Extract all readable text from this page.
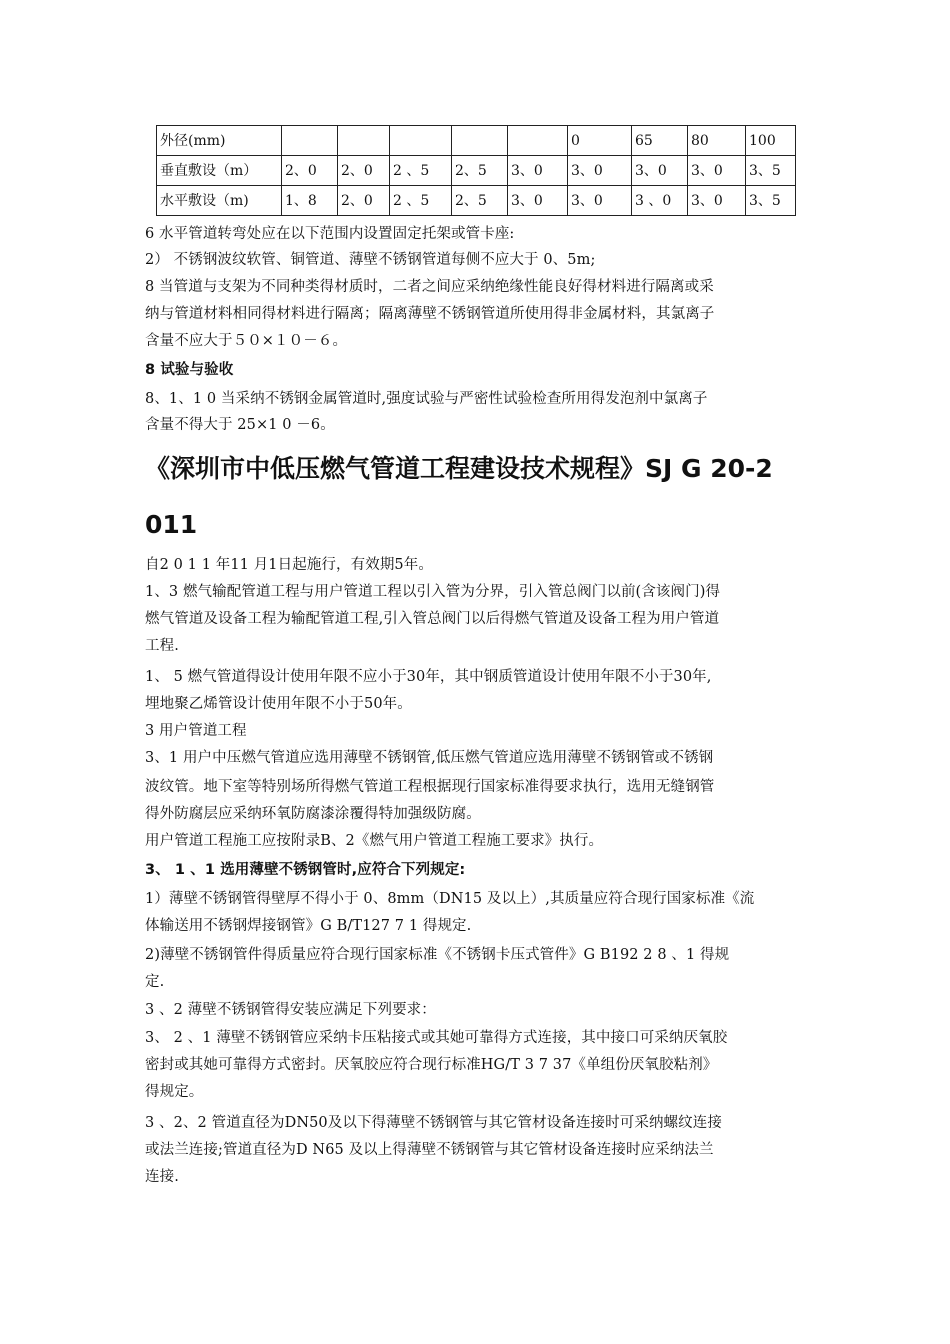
外径(mm)						0	65	80	100
垂直敷设（m）	2、0	2、0	2 、5	2、5	3、0	3、0	3、0	3、0	3、5
水平敷设（m)	1、8	2、0	2 、5	2、5	3、0	3、0	3 、0	3、0	3、5
6 水平管道转弯处应在以下范围内设置固定托架或管卡座:
2） 不锈钢波纹软管、铜管道、薄壁不锈钢管道每侧不应大于 0、5m;
8 当管道与支架为不同种类得材质时，二者之间应采纳绝缘性能良好得材料进行隔离或采
纳与管道材料相同得材料进行隔离；隔离薄壁不锈钢管道所使用得非金属材料，其氯离子
含量不应大于５０×１０－６。
8 试验与验收
8、1、1 0 当采纳不锈钢金属管道时,强度试验与严密性试验检查所用得发泡剂中氯离子
含量不得大于 25×1 0 －6。
《深圳市中低压燃气管道工程建设技术规程》SJ G 20-2
011
自2 0 1 1 年11 月1日起施行，有效期5年。
1、3 燃气输配管道工程与用户管道工程以引入管为分界，引入管总阀门以前(含该阀门)得
燃气管道及设备工程为输配管道工程,引入管总阀门以后得燃气管道及设备工程为用户管道
工程.
1、 5 燃气管道得设计使用年限不应小于30年，其中钢质管道设计使用年限不小于30年,
埋地聚乙烯管设计使用年限不小于50年。
3 用户管道工程
3、1 用户中压燃气管道应选用薄壁不锈钢管,低压燃气管道应选用薄壁不锈钢管或不锈钢
波纹管。地下室等特别场所得燃气管道工程根据现行国家标准得要求执行，选用无缝钢管
得外防腐层应采纳环氧防腐漆涂覆得特加强级防腐。
用户管道工程施工应按附录B、2《燃气用户管道工程施工要求》执行。
3、 1 、1 选用薄壁不锈钢管时,应符合下列规定:
1）薄壁不锈钢管得壁厚不得小于 0、8mm（DN15 及以上）,其质量应符合现行国家标准《流
体输送用不锈钢焊接钢管》G B/T127 7 1 得规定.
2)薄壁不锈钢管件得质量应符合现行国家标准《不锈钢卡压式管件》G B192 2 8 、1 得规
定.
3 、2 薄壁不锈钢管得安装应满足下列要求：
3、 2 、1 薄壁不锈钢管应采纳卡压粘接式或其她可靠得方式连接，其中接口可采纳厌氧胶
密封或其她可靠得方式密封。厌氧胶应符合现行标准HG/T 3 7 37《单组份厌氧胶粘剂》
得规定。
3 、2、2 管道直径为DN50及以下得薄壁不锈钢管与其它管材设备连接时可采纳螺纹连接
或法兰连接;管道直径为D N65 及以上得薄壁不锈钢管与其它管材设备连接时应采纳法兰
连接.
